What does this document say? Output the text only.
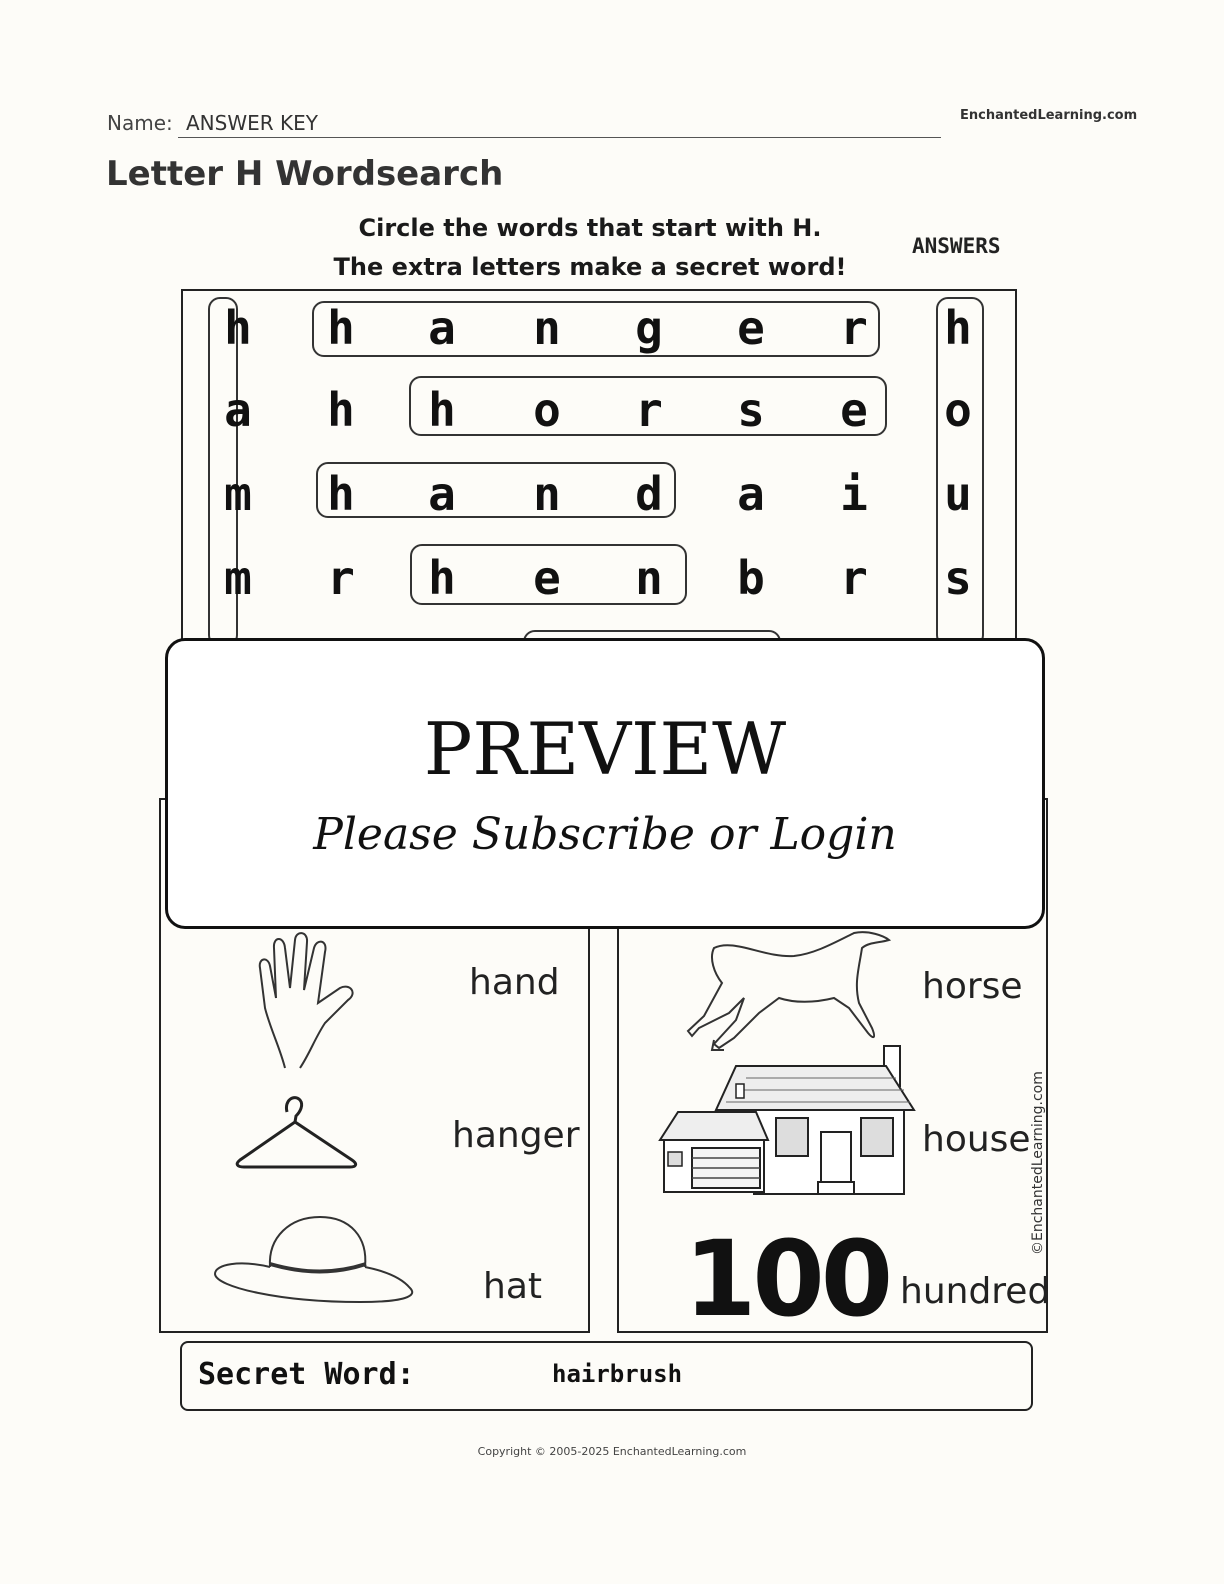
Name: ANSWER KEY	EnchantedLearning.com
Letter H Wordsearch
Circle the words that start with H.
The extra letters make a secret word!
ANSWERS
h	h	a	n	g	e	r	h
a	h	h	o	r	s	e	o
m	h	a	n	d	a	i	u
m	r	h	e	n	b	r	s
hand
hanger
hat
horse
house
100 hundred
©EnchantedLearning.com
PREVIEW
Please Subscribe or Login
Secret Word:	hairbrush
Copyright © 2005-2025 EnchantedLearning.com
